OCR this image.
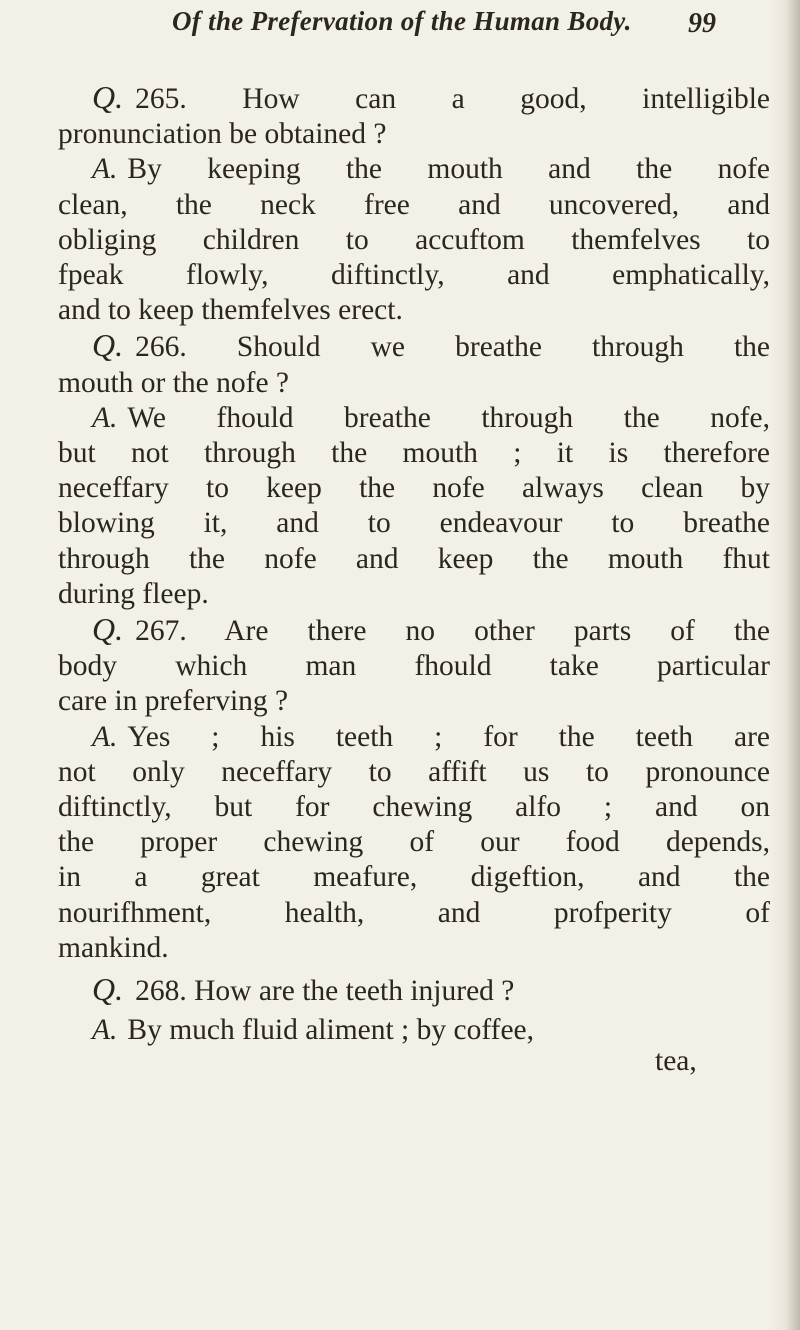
Of the Prefervation of the Human Body.	99

Q. 265. How can a good, intelligible
pronunciation be obtained ?

A. By keeping the mouth and the nofe
clean, the neck free and uncovered, and
obliging children to accuftom themfelves to
fpeak flowly, diftinctly, and emphatically,
and to keep themfelves erect.

Q. 266. Should we breathe through the
mouth or the nofe ?

A. We fhould breathe through the nofe,
but not through the mouth ; it is therefore
neceffary to keep the nofe always clean by
blowing it, and to endeavour to breathe
through the nofe and keep the mouth fhut
during fleep.

Q. 267. Are there no other parts of the
body which man fhould take particular
care in preferving ?

A. Yes ; his teeth ; for the teeth are
not only neceffary to affift us to pronounce
diftinctly, but for chewing alfo ; and on
the proper chewing of our food depends,
in a great meafure, digeftion, and the
nourifhment, health, and profperity of
mankind.

Q. 268. How are the teeth injured ?

A. By much fluid aliment ; by coffee,

tea,
